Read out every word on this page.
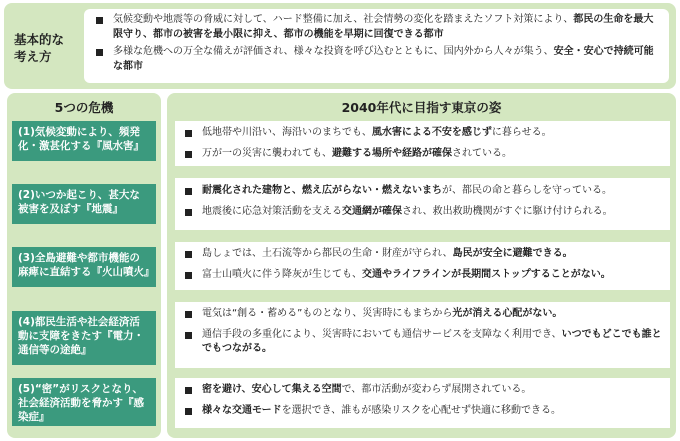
基本的な
考え方
気候変動や地震等の脅威に対して、ハード整備に加え、社会情勢の変化を踏まえたソフト対策により、都民の生命を最大限守り、都市の被害を最小限に抑え、都市の機能を早期に回復できる都市
多様な危機への万全な備えが評価され、様々な投資を呼び込むとともに、国内外から人々が集う、安全・安心で持続可能な都市
5つの危機	2040年代に目指す東京の姿
(1)気候変動により、頻発化・激甚化する『風水害』
低地帯や川沿い、海沿いのまちでも、風水害による不安を感じずに暮らせる。
万が一の災害に襲われても、避難する場所や経路が確保されている。
(2)いつか起こり、甚大な被害を及ぼす『地震』
耐震化された建物と、燃え広がらない・燃えないまちが、都民の命と暮らしを守っている。
地震後に応急対策活動を支える交通網が確保され、救出救助機関がすぐに駆け付けられる。
(3)全島避難や都市機能の麻痺に直結する『火山噴火』
島しょでは、土石流等から都民の生命・財産が守られ、島民が安全に避難できる。
富士山噴火に伴う降灰が生じても、交通やライフラインが長期間ストップすることがない。
(4)都民生活や社会経済活動に支障をきたす『電力・通信等の途絶』
電気は“創る・蓄める”ものとなり、災害時にもまちから光が消える心配がない。
通信手段の多重化により、災害時においても通信サービスを支障なく利用でき、いつでもどこでも誰とでもつながる。
(5)“密”がリスクとなり、社会経済活動を脅かす『感染症』
密を避け、安心して集える空間で、都市活動が変わらず展開されている。
様々な交通モードを選択でき、誰もが感染リスクを心配せず快適に移動できる。
